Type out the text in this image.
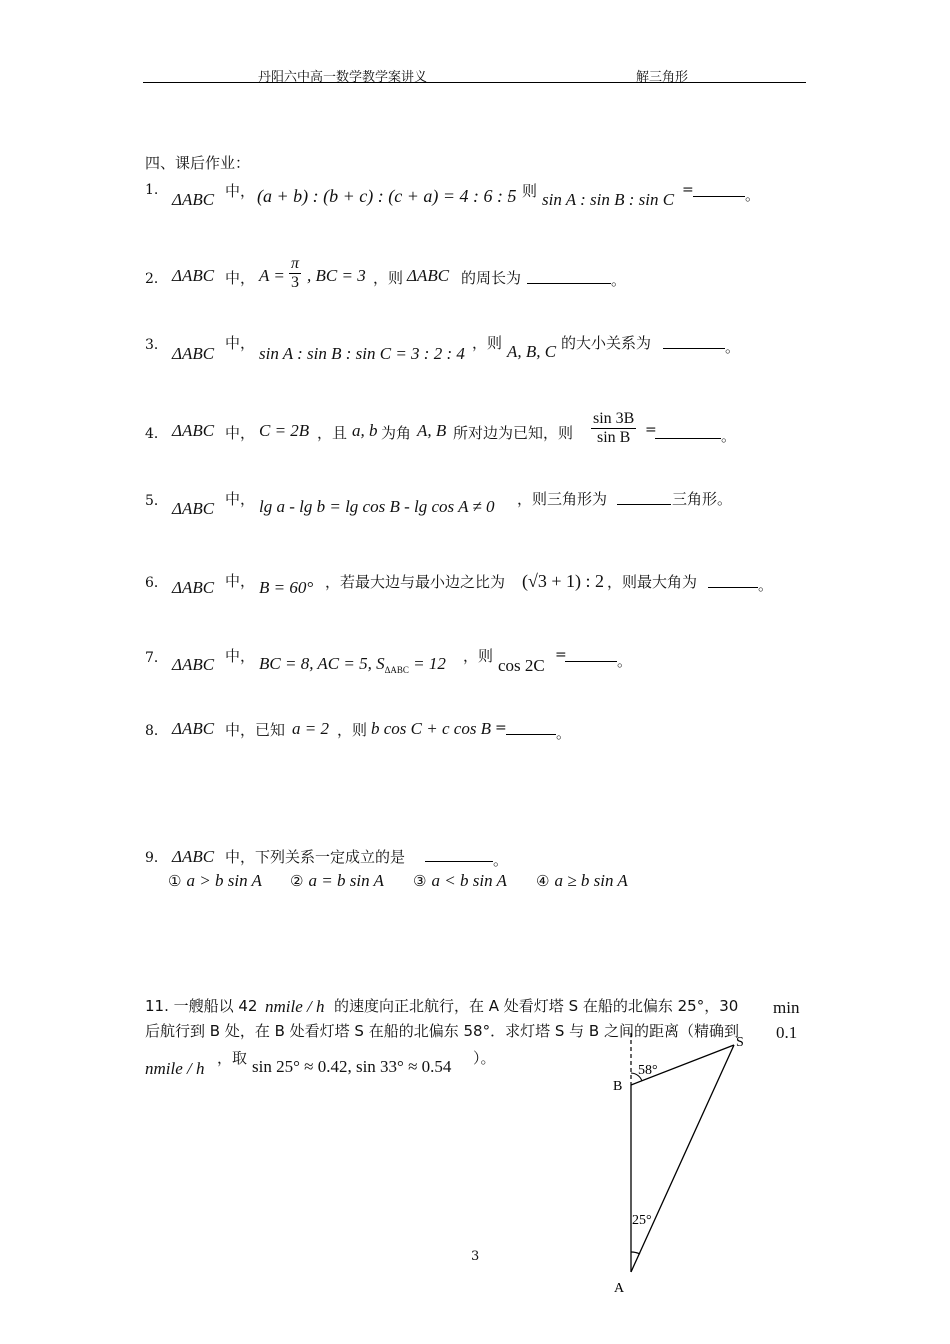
丹阳六中高一数学教学案讲义	解三角形
四、课后作业：
1. ΔABC 中， (a + b) : (b + c) : (c + a) = 4 : 6 : 5
，则 sin A : sin B : sin C =	。
2． ΔABC 中， $A = \frac{\pi}{3}$ , BC = 3 ，则 ΔABC 的周长为	。
3． ΔABC
中，
sin A : sin B : sin C = 3 : 2 : 4
，则 A, B, C 的大小关系为	。
4． ΔABC 中， C = 2B ，且 a, b 为角 A, B 所对边为已知，则 $\frac{\sin 3B}{\text{sin B}}$ =	。
5． ΔABC 中， lg a - lg b = lg cos B - lg cos A ≠ 0 ，则三角形为	三角形。
6． ΔABC 中， B = 60° ，若最大边与最小边之比为 (√3 + 1) : 2 ，则最大角为	。
7． ΔABC 中， BC = 8, AC = 5, $S_{\Delta ABC} = 12$ ，则 cos 2C
=	。
8． ΔABC 中，已知 a = 2 ，则 b cos C + c cos B =	。
9． ΔABC 中，下列关系一定成立的是	。
① a > b sin A ② a = b sin A ③ a < b sin A ④ a ≥ b sin A
11. 一艘船以 42 nmile / h 的速度向正北航行，在 A 处看灯塔 S 在船的北偏东 25°，30 min
后航行到 B 处，在 B 处看灯塔 S 在船的北偏东 58°．求灯塔 S 与 B 之间的距离（精确到 0.1
nmile / h
，取 sin 25° ≈ 0.42, sin 33° ≈ 0.54 ）。
S
B
A
58°
25°
3
